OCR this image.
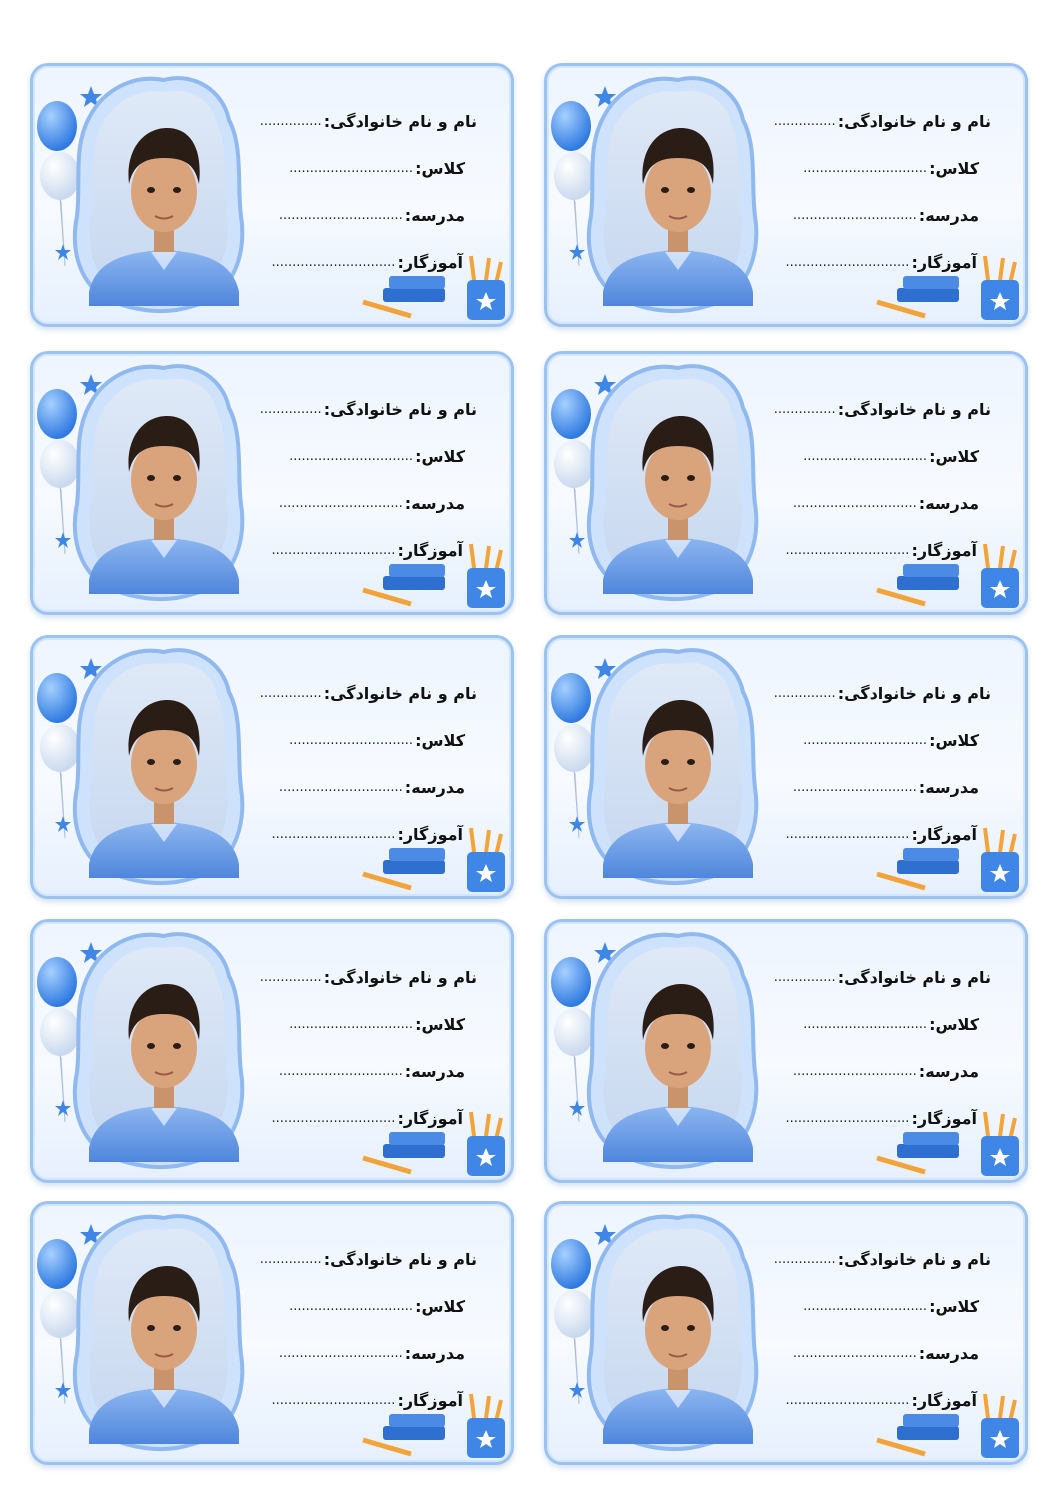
نام و نام خانوادگی:
...............
کلاس:
..............................
مدرسه:
..............................
آموزگار:
..............................
نام و نام خانوادگی:
...............
کلاس:
..............................
مدرسه:
..............................
آموزگار:
..............................
نام و نام خانوادگی:
...............
کلاس:
..............................
مدرسه:
..............................
آموزگار:
..............................
نام و نام خانوادگی:
...............
کلاس:
..............................
مدرسه:
..............................
آموزگار:
..............................
نام و نام خانوادگی:
...............
کلاس:
..............................
مدرسه:
..............................
آموزگار:
..............................
نام و نام خانوادگی:
...............
کلاس:
..............................
مدرسه:
..............................
آموزگار:
..............................
نام و نام خانوادگی:
...............
کلاس:
..............................
مدرسه:
..............................
آموزگار:
..............................
نام و نام خانوادگی:
...............
کلاس:
..............................
مدرسه:
..............................
آموزگار:
..............................
نام و نام خانوادگی:
...............
کلاس:
..............................
مدرسه:
..............................
آموزگار:
..............................
نام و نام خانوادگی:
...............
کلاس:
..............................
مدرسه:
..............................
آموزگار:
..............................
